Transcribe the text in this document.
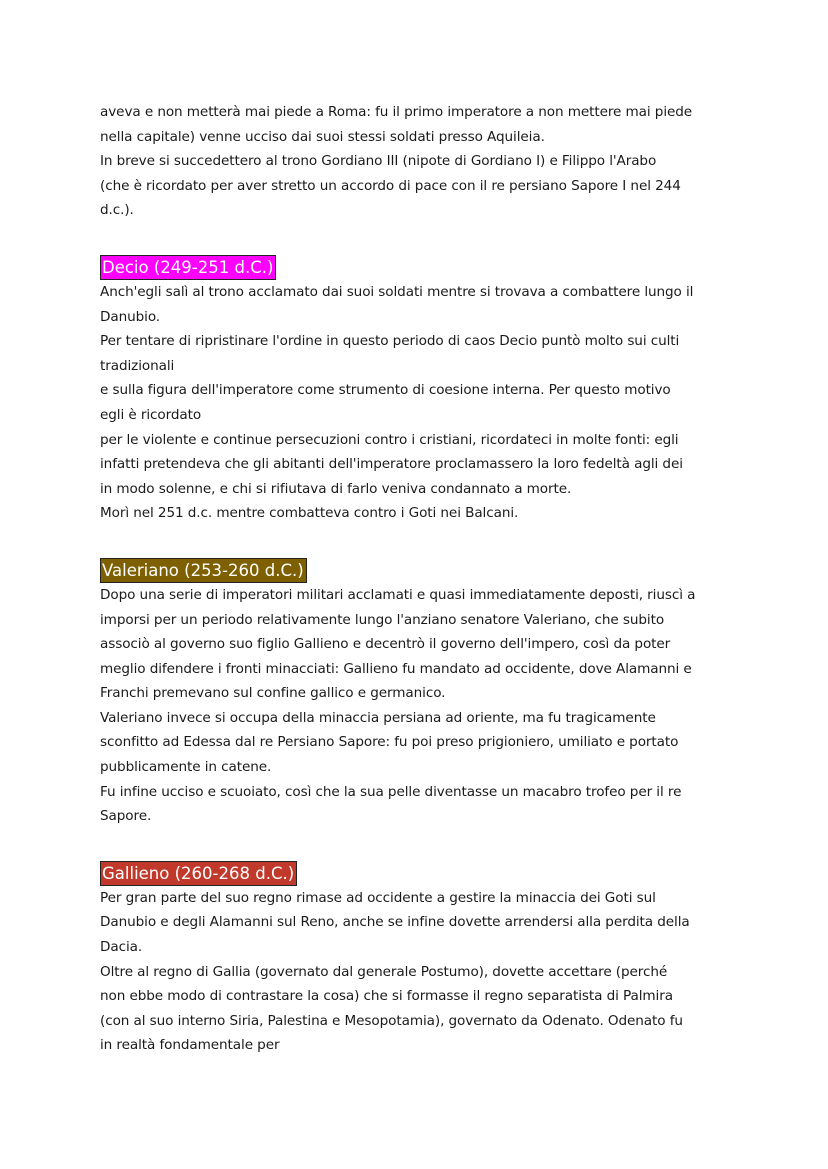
aveva e non metterà mai piede a Roma: fu il primo imperatore a non mettere mai piede
nella capitale) venne ucciso dai suoi stessi soldati presso Aquileia.
In breve si succedettero al trono Gordiano III (nipote di Gordiano I) e Filippo l'Arabo
(che è ricordato per aver stretto un accordo di pace con il re persiano Sapore I nel 244
d.c.).
Decio (249-251 d.C.)
Anch'egli salì al trono acclamato dai suoi soldati mentre si trovava a combattere lungo il
Danubio.
Per tentare di ripristinare l'ordine in questo periodo di caos Decio puntò molto sui culti
tradizionali
e sulla figura dell'imperatore come strumento di coesione interna. Per questo motivo
egli è ricordato
per le violente e continue persecuzioni contro i cristiani, ricordateci in molte fonti: egli
infatti pretendeva che gli abitanti dell'imperatore proclamassero la loro fedeltà agli dei
in modo solenne, e chi si rifiutava di farlo veniva condannato a morte.
Morì nel 251 d.c. mentre combatteva contro i Goti nei Balcani.
Valeriano (253-260 d.C.)
Dopo una serie di imperatori militari acclamati e quasi immediatamente deposti, riuscì a
imporsi per un periodo relativamente lungo l'anziano senatore Valeriano, che subito
associò al governo suo figlio Gallieno e decentrò il governo dell'impero, così da poter
meglio difendere i fronti minacciati: Gallieno fu mandato ad occidente, dove Alamanni e
Franchi premevano sul confine gallico e germanico.
Valeriano invece si occupa della minaccia persiana ad oriente, ma fu tragicamente
sconfitto ad Edessa dal re Persiano Sapore: fu poi preso prigioniero, umiliato e portato
pubblicamente in catene.
Fu infine ucciso e scuoiato, così che la sua pelle diventasse un macabro trofeo per il re
Sapore.
Gallieno (260-268 d.C.)
Per gran parte del suo regno rimase ad occidente a gestire la minaccia dei Goti sul
Danubio e degli Alamanni sul Reno, anche se infine dovette arrendersi alla perdita della
Dacia.
Oltre al regno di Gallia (governato dal generale Postumo), dovette accettare (perché
non ebbe modo di contrastare la cosa) che si formasse il regno separatista di Palmira
(con al suo interno Siria, Palestina e Mesopotamia), governato da Odenato. Odenato fu
in realtà fondamentale per
